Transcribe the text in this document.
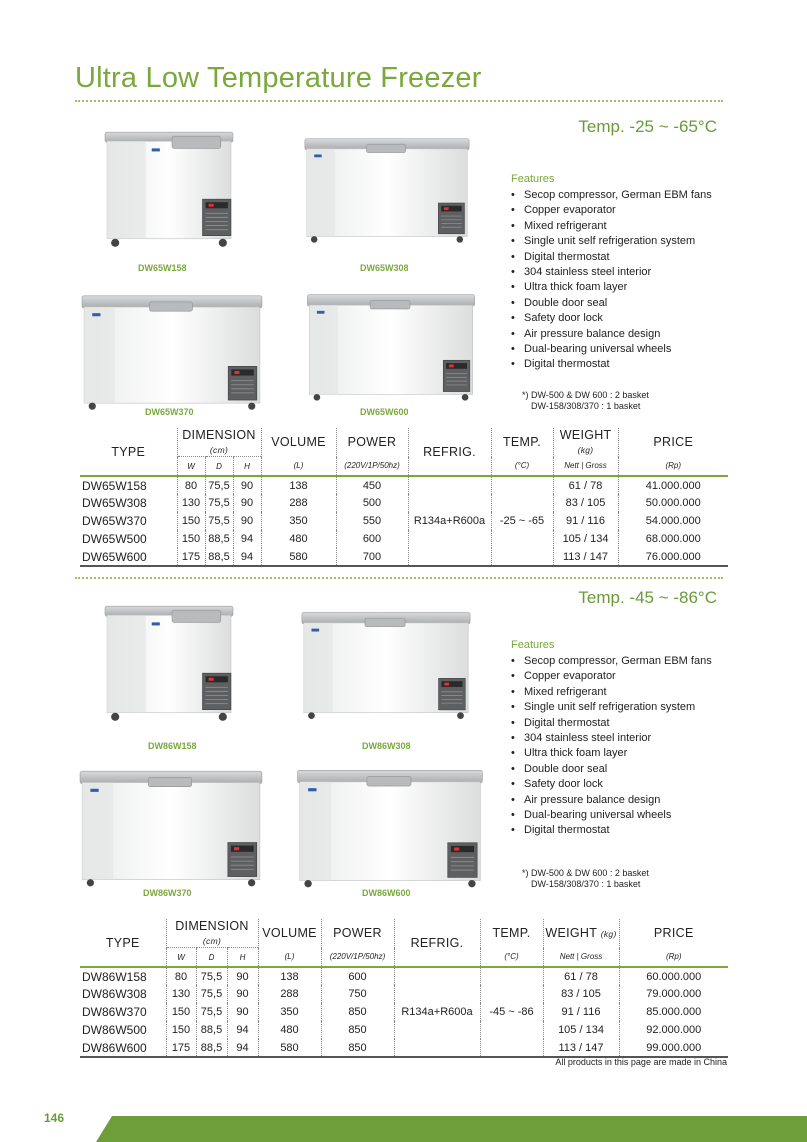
Ultra Low Temperature Freezer
Temp. -25 ~ -65°C
DW65W158	DW65W308
DW65W370	DW65W600
Features
• Secop compressor, German EBM fans
• Copper evaporator
• Mixed refrigerant
• Single unit self refrigeration system
• Digital thermostat
• 304 stainless steel interior
• Ultra thick foam layer
• Double door seal
• Safety door lock
• Air pressure balance design
• Dual-bearing universal wheels
• Digital thermostat
*) DW-500 & DW 600 : 2 basket
DW-158/308/370 : 1 basket
TYPE	DIMENSION (cm)			VOLUME	POWER	REFRIG.	TEMP.	WEIGHT (kg)	PRICE
	W	D	H	(L)	(220V/1P/50hz)		(°C)	Nett | Gross	(Rp)
DW65W158	80	75,5	90	138	450	R134a+R600a	-25 ~ -65	61 / 78	41.000.000
DW65W308	130	75,5	90	288	500			83 / 105	50.000.000
DW65W370	150	75,5	90	350	550			91 / 116	54.000.000
DW65W500	150	88,5	94	480	600			105 / 134	68.000.000
DW65W600	175	88,5	94	580	700			113 / 147	76.000.000
Temp. -45 ~ -86°C
DW86W158	DW86W308
DW86W370	DW86W600
Features
• Secop compressor, German EBM fans
• Copper evaporator
• Mixed refrigerant
• Single unit self refrigeration system
• Digital thermostat
• 304 stainless steel interior
• Ultra thick foam layer
• Double door seal
• Safety door lock
• Air pressure balance design
• Dual-bearing universal wheels
• Digital thermostat
*) DW-500 & DW 600 : 2 basket
DW-158/308/370 : 1 basket
TYPE	DIMENSION (cm)			VOLUME	POWER	REFRIG.	TEMP.	WEIGHT (kg)	PRICE
	W	D	H	(L)	(220V/1P/50hz)		(°C)	Nett | Gross	(Rp)
DW86W158	80	75,5	90	138	600	R134a+R600a	-45 ~ -86	61 / 78	60.000.000
DW86W308	130	75,5	90	288	750			83 / 105	79.000.000
DW86W370	150	75,5	90	350	850			91 / 116	85.000.000
DW86W500	150	88,5	94	480	850			105 / 134	92.000.000
DW86W600	175	88,5	94	580	850			113 / 147	99.000.000
All products in this page are made in China
146
